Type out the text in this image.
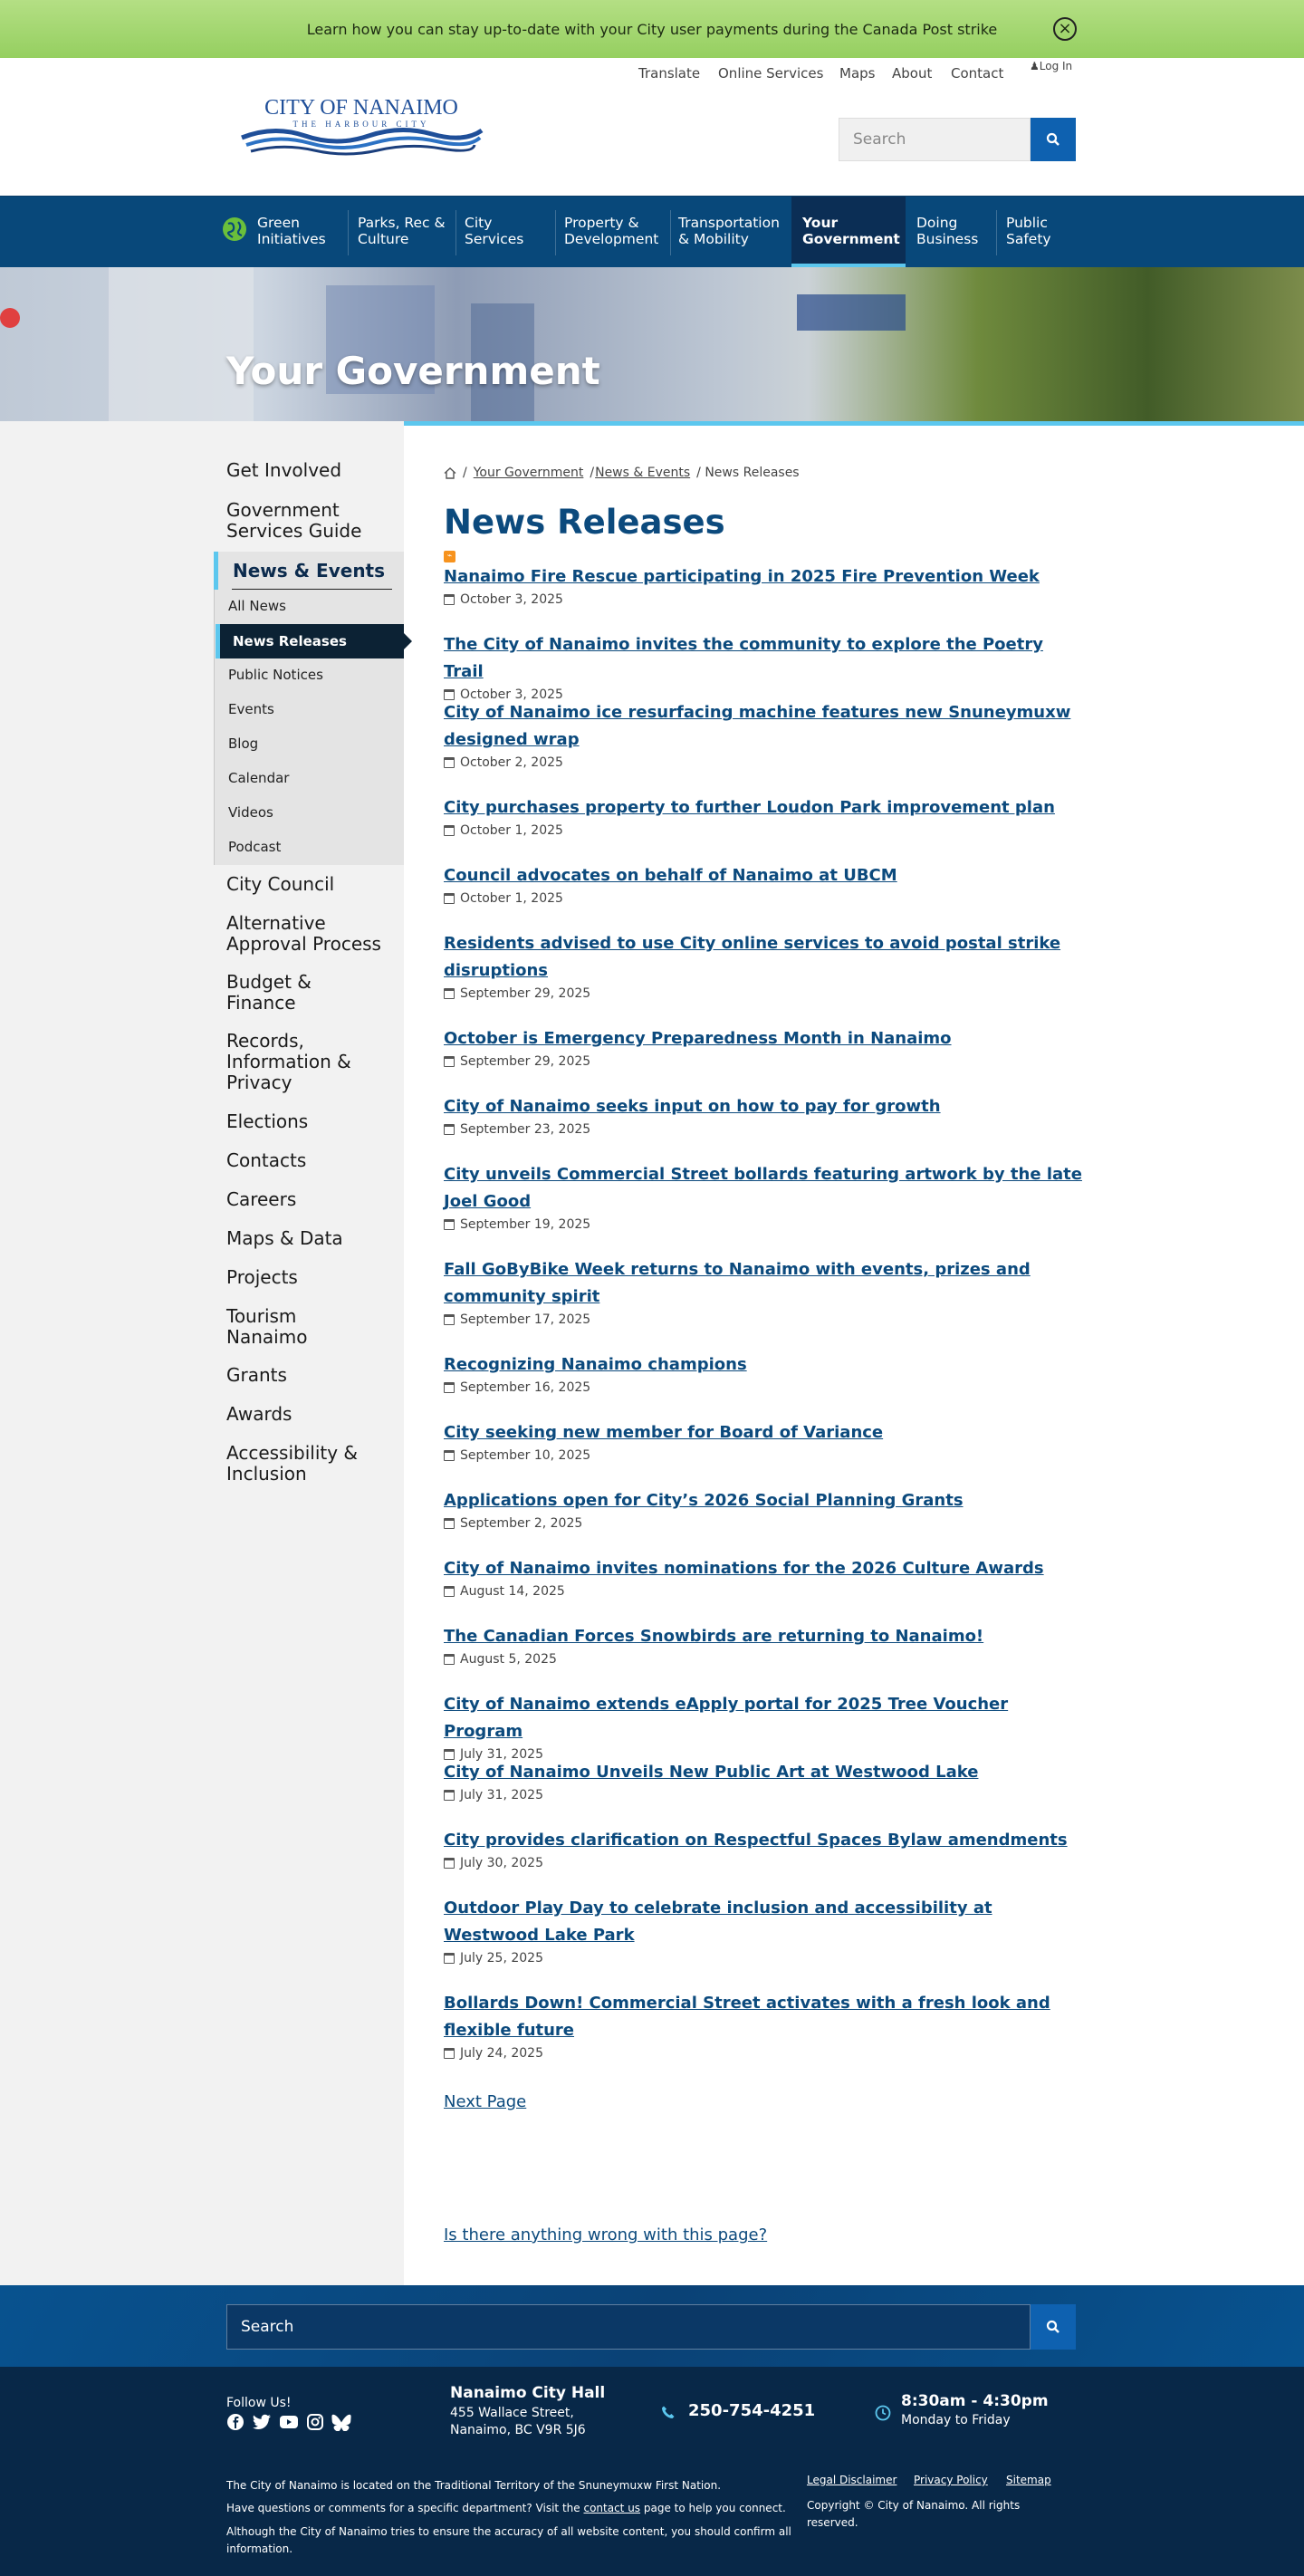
Learn how you can stay up-to-date with your City user payments during the Canada Post strike	×
Translate Online Services Maps About Contact ♟Log In
CITY OF NANAIMO
THE HARBOUR CITY
Search
Green Initiatives
Parks, Rec & Culture
City Services
Property & Development
Transportation & Mobility
Your Government
Doing Business
Public Safety
Your Government
Get Involved
Government Services Guide
News & Events
All News
News Releases
Public Notices
Events
Blog
Calendar
Videos
Podcast
City Council
Alternative Approval Process
Budget & Finance
Records, Information & Privacy
Elections
Contacts
Careers
Maps & Data
Projects
Tourism Nanaimo
Grants
Awards
Accessibility & Inclusion
/ Your Government / News & Events / News Releases
News Releases
⌁
Nanaimo Fire Rescue participating in 2025 Fire Prevention Week
October 3, 2025
The City of Nanaimo invites the community to explore the Poetry Trail
October 3, 2025
City of Nanaimo ice resurfacing machine features new Snuneymuxw designed wrap
October 2, 2025
City purchases property to further Loudon Park improvement plan
October 1, 2025
Council advocates on behalf of Nanaimo at UBCM
October 1, 2025
Residents advised to use City online services to avoid postal strike disruptions
September 29, 2025
October is Emergency Preparedness Month in Nanaimo
September 29, 2025
City of Nanaimo seeks input on how to pay for growth
September 23, 2025
City unveils Commercial Street bollards featuring artwork by the late Joel Good
September 19, 2025
Fall GoByBike Week returns to Nanaimo with events, prizes and community spirit
September 17, 2025
Recognizing Nanaimo champions
September 16, 2025
City seeking new member for Board of Variance
September 10, 2025
Applications open for City’s 2026 Social Planning Grants
September 2, 2025
City of Nanaimo invites nominations for the 2026 Culture Awards
August 14, 2025
The Canadian Forces Snowbirds are returning to Nanaimo!
August 5, 2025
City of Nanaimo extends eApply portal for 2025 Tree Voucher Program
July 31, 2025
City of Nanaimo Unveils New Public Art at Westwood Lake
July 31, 2025
City provides clarification on Respectful Spaces Bylaw amendments
July 30, 2025
Outdoor Play Day to celebrate inclusion and accessibility at Westwood Lake Park
July 25, 2025
Bollards Down! Commercial Street activates with a fresh look and flexible future
July 24, 2025
Next Page
Is there anything wrong with this page?
Search
Follow Us!
Nanaimo City Hall
455 Wallace Street,
Nanaimo, BC V9R 5J6
250-754-4251	8:30am - 4:30pm
Monday to Friday
The City of Nanaimo is located on the Traditional Territory of the Snuneymuxw First Nation.
Have questions or comments for a specific department? Visit the contact us page to help you connect.
Although the City of Nanaimo tries to ensure the accuracy of all website content, you should confirm all information.
Legal Disclaimer Privacy Policy Sitemap
Copyright © City of Nanaimo. All rights reserved.
